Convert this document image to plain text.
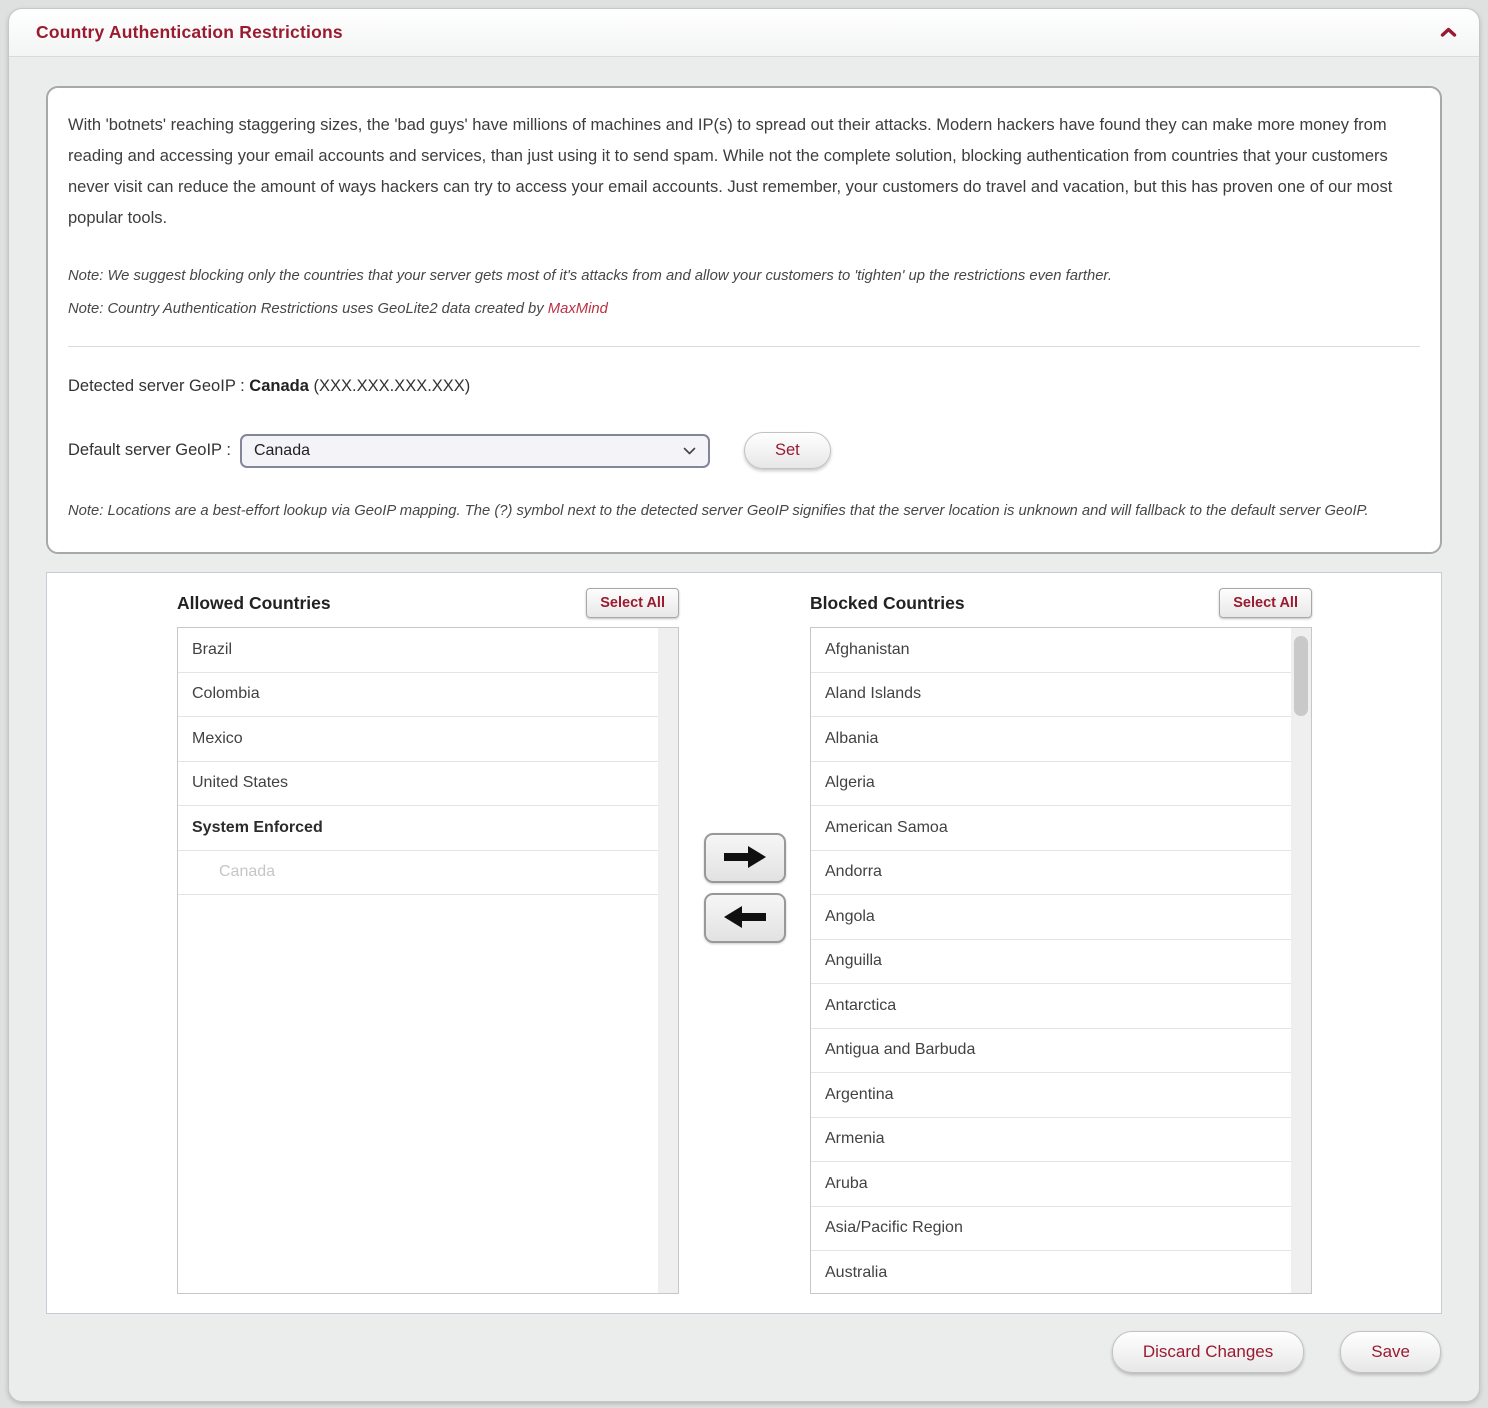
Country Authentication Restrictions

With 'botnets' reaching staggering sizes, the 'bad guys' have millions of machines and IP(s) to spread out their attacks. Modern hackers have found they can make more money from reading and accessing your email accounts and services, than just using it to send spam. While not the complete solution, blocking authentication from countries that your customers never visit can reduce the amount of ways hackers can try to access your email accounts. Just remember, your customers do travel and vacation, but this has proven one of our most popular tools.

Note: We suggest blocking only the countries that your server gets most of it's attacks from and allow your customers to 'tighten' up the restrictions even farther.
Note: Country Authentication Restrictions uses GeoLite2 data created by MaxMind
Detected server GeoIP : Canada (XXX.XXX.XXX.XXX)
Default server GeoIP : Canada	Set
Note: Locations are a best-effort lookup via GeoIP mapping. The (?) symbol next to the detected server GeoIP signifies that the server location is unknown and will fallback to the default server GeoIP.
Allowed Countries	Select All
Brazil
Colombia
Mexico
United States
System Enforced
Canada
Blocked Countries	Select All
Afghanistan
Aland Islands
Albania
Algeria
American Samoa
Andorra
Angola
Anguilla
Antarctica
Antigua and Barbuda
Argentina
Armenia
Aruba
Asia/Pacific Region
Australia
Discard Changes	Save
